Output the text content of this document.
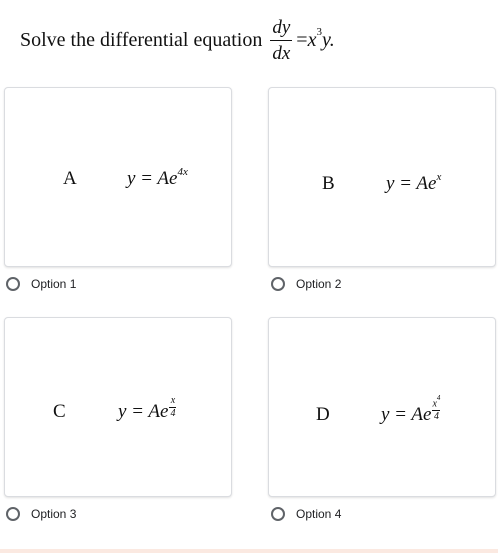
Solve the differential equation $\frac{dy}{dx} =x^3y$.
A	$y = Ae^{4x}$
Option 1
B	$y = Ae^x$
Option 2
C	y = Ae $\frac{x}{4}$
Option 3
D	y = Ae $\frac{x^4}{4}$
Option 4
